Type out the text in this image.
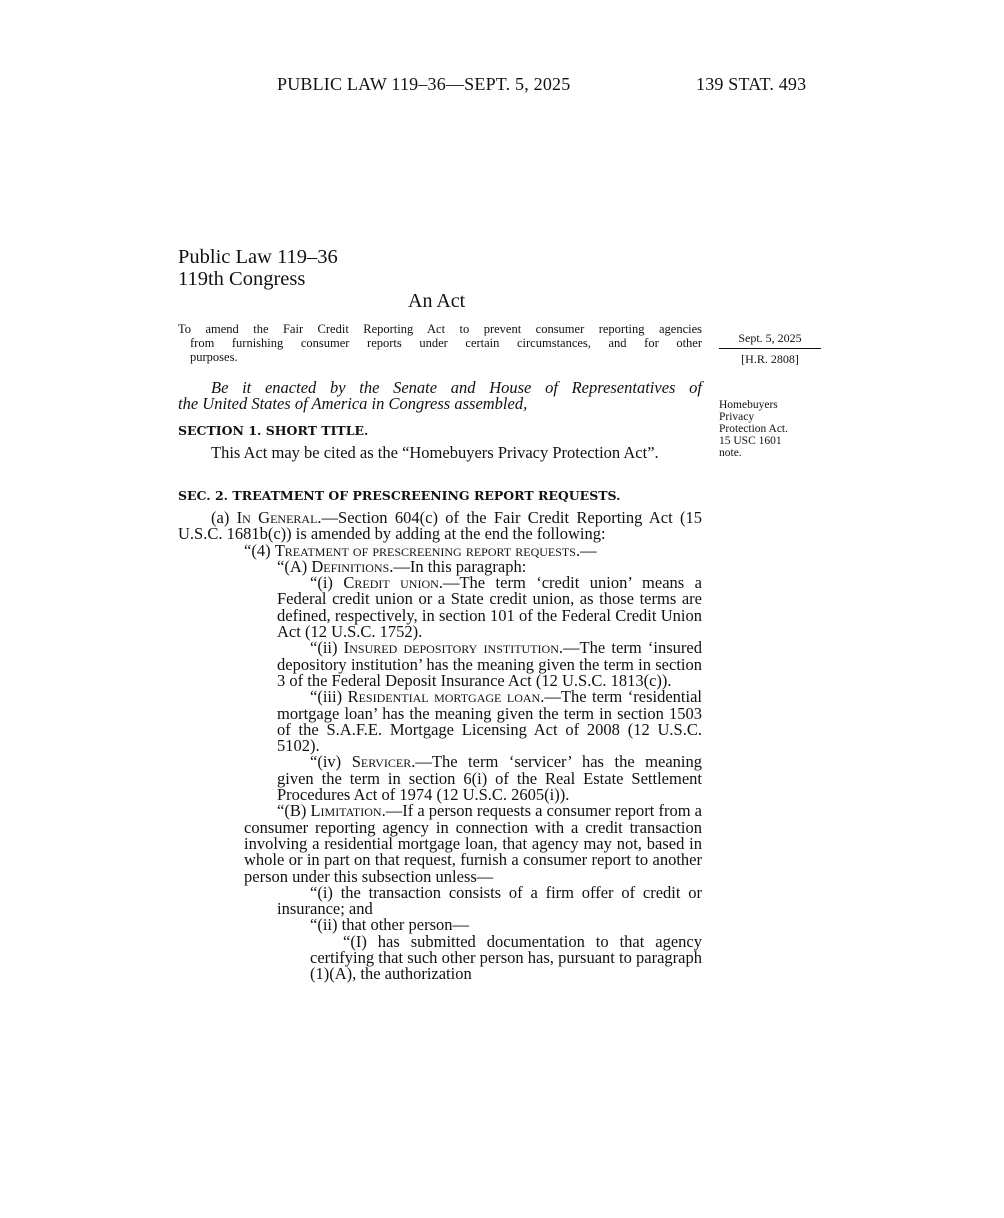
PUBLIC LAW 119–36—SEPT. 5, 2025	139 STAT. 493
Public Law 119–36
119th Congress
An Act
To amend the Fair Credit Reporting Act to prevent consumer reporting agencies
from furnishing consumer reports under certain circumstances, and for other
purposes.
Sept. 5, 2025
[H.R. 2808]
Homebuyers
Privacy
Protection Act.
15 USC 1601
note.
Be it enacted by the Senate and House of Representatives of
the United States of America in Congress assembled,
SECTION 1. SHORT TITLE.

This Act may be cited as the “Homebuyers Privacy Protection Act”.

SEC. 2. TREATMENT OF PRESCREENING REPORT REQUESTS.

(a) In General.—Section 604(c) of the Fair Credit Reporting Act (15 U.S.C. 1681b(c)) is amended by adding at the end the following:

“(4) Treatment of prescreening report requests.—

“(A) Definitions.—In this paragraph:

“(i) Credit union.—The term ‘credit union’ means a Federal credit union or a State credit union, as those terms are defined, respectively, in section 101 of the Federal Credit Union Act (12 U.S.C. 1752).

“(ii) Insured depository institution.—The term ‘insured depository institution’ has the meaning given the term in section 3 of the Federal Deposit Insurance Act (12 U.S.C. 1813(c)).

“(iii) Residential mortgage loan.—The term ‘residential mortgage loan’ has the meaning given the term in section 1503 of the S.A.F.E. Mortgage Licensing Act of 2008 (12 U.S.C. 5102).

“(iv) Servicer.—The term ‘servicer’ has the meaning given the term in section 6(i) of the Real Estate Settlement Procedures Act of 1974 (12 U.S.C. 2605(i)).

“(B) Limitation.—If a person requests a consumer report from a consumer reporting agency in connection with a credit transaction involving a residential mortgage loan, that agency may not, based in whole or in part on that request, furnish a consumer report to another person under this subsection unless—

“(i) the transaction consists of a firm offer of credit or insurance; and

“(ii) that other person—

“(I) has submitted documentation to that agency certifying that such other person has, pursuant to paragraph (1)(A), the authorization
